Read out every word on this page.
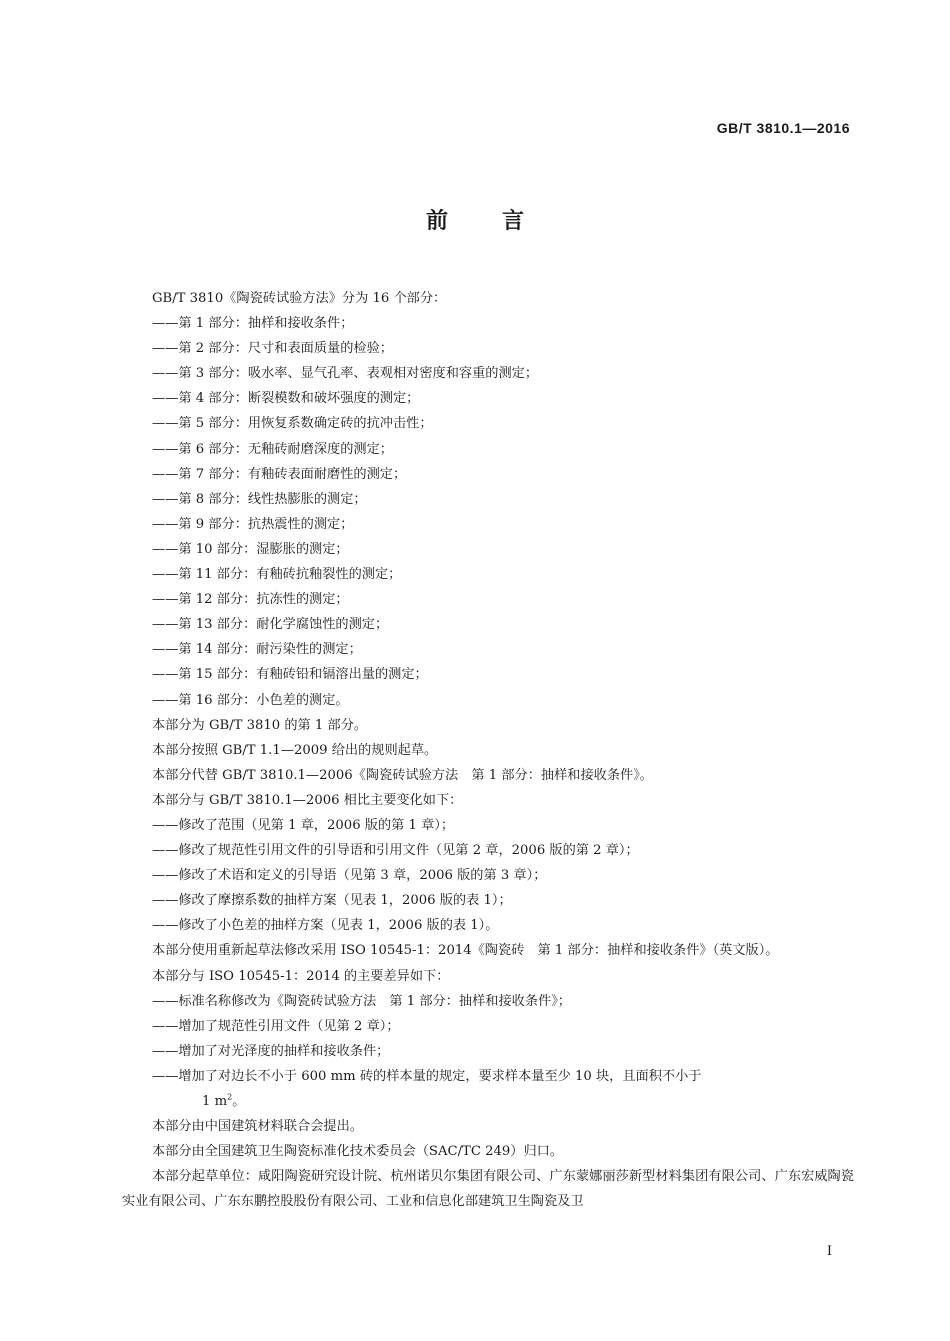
GB/T 3810.1—2016
前言

GB/T 3810《陶瓷砖试验方法》分为 16 个部分：

——第 1 部分：抽样和接收条件；

——第 2 部分：尺寸和表面质量的检验；

——第 3 部分：吸水率、显气孔率、表观相对密度和容重的测定；

——第 4 部分：断裂模数和破坏强度的测定；

——第 5 部分：用恢复系数确定砖的抗冲击性；

——第 6 部分：无釉砖耐磨深度的测定；

——第 7 部分：有釉砖表面耐磨性的测定；

——第 8 部分：线性热膨胀的测定；

——第 9 部分：抗热震性的测定；

——第 10 部分：湿膨胀的测定；

——第 11 部分：有釉砖抗釉裂性的测定；

——第 12 部分：抗冻性的测定；

——第 13 部分：耐化学腐蚀性的测定；

——第 14 部分：耐污染性的测定；

——第 15 部分：有釉砖铅和镉溶出量的测定；

——第 16 部分：小色差的测定。

本部分为 GB/T 3810 的第 1 部分。

本部分按照 GB/T 1.1—2009 给出的规则起草。

本部分代替 GB/T 3810.1—2006《陶瓷砖试验方法　第 1 部分：抽样和接收条件》。

本部分与 GB/T 3810.1—2006 相比主要变化如下：

——修改了范围（见第 1 章，2006 版的第 1 章）；

——修改了规范性引用文件的引导语和引用文件（见第 2 章，2006 版的第 2 章）；

——修改了术语和定义的引导语（见第 3 章，2006 版的第 3 章）；

——修改了摩擦系数的抽样方案（见表 1，2006 版的表 1）；

——修改了小色差的抽样方案（见表 1，2006 版的表 1）。

本部分使用重新起草法修改采用 ISO 10545-1：2014《陶瓷砖　第 1 部分：抽样和接收条件》（英文版）。

本部分与 ISO 10545-1：2014 的主要差异如下：

——标准名称修改为《陶瓷砖试验方法　第 1 部分：抽样和接收条件》；

——增加了规范性引用文件（见第 2 章）；

——增加了对光泽度的抽样和接收条件；

——增加了对边长不小于 600 mm 砖的样本量的规定，要求样本量至少 10 块，且面积不小于

1 $m^2$。

本部分由中国建筑材料联合会提出。

本部分由全国建筑卫生陶瓷标准化技术委员会（SAC/TC 249）归口。

本部分起草单位：咸阳陶瓷研究设计院、杭州诺贝尔集团有限公司、广东蒙娜丽莎新型材料集团有限公司、广东宏威陶瓷实业有限公司、广东东鹏控股股份有限公司、工业和信息化部建筑卫生陶瓷及卫

I
